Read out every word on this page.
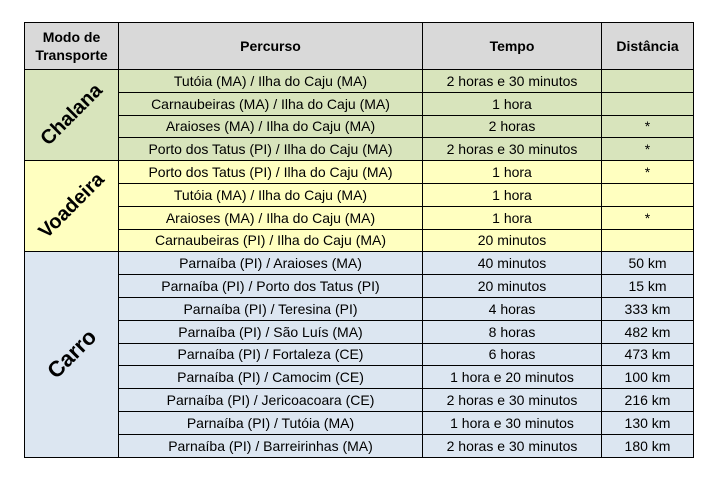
Modo de Transporte	Percurso	Tempo	Distância

Chalana	Tutóia (MA) / Ilha do Caju (MA)	2 horas e 30 minutos	
	Carnaubeiras (MA) / Ilha do Caju (MA)	1 hora	
	Araioses (MA) / Ilha do Caju (MA)	2 horas	*
	Porto dos Tatus (PI) / Ilha do Caju (MA)	2 horas e 30 minutos	*

Voadeira	Porto dos Tatus (PI) / Ilha do Caju (MA)	1 hora	*
	Tutóia (MA) / Ilha do Caju (MA)	1 hora	
	Araioses (MA) / Ilha do Caju (MA)	1 hora	*
	Carnaubeiras (PI) / Ilha do Caju (MA)	20 minutos	

Carro	Parnaíba (PI) / Araioses (MA)	40 minutos	50 km
	Parnaíba (PI) / Porto dos Tatus (PI)	20 minutos	15 km
	Parnaíba (PI) / Teresina (PI)	4 horas	333 km
	Parnaíba (PI) / São Luís (MA)	8 horas	482 km
	Parnaíba (PI) / Fortaleza (CE)	6 horas	473 km
	Parnaíba (PI) / Camocim (CE)	1 hora e 20 minutos	100 km
	Parnaíba (PI) / Jericoacoara (CE)	2 horas e 30 minutos	216 km
	Parnaíba (PI) / Tutóia (MA)	1 hora e 30 minutos	130 km
	Parnaíba (PI) / Barreirinhas (MA)	2 horas e 30 minutos	180 km
